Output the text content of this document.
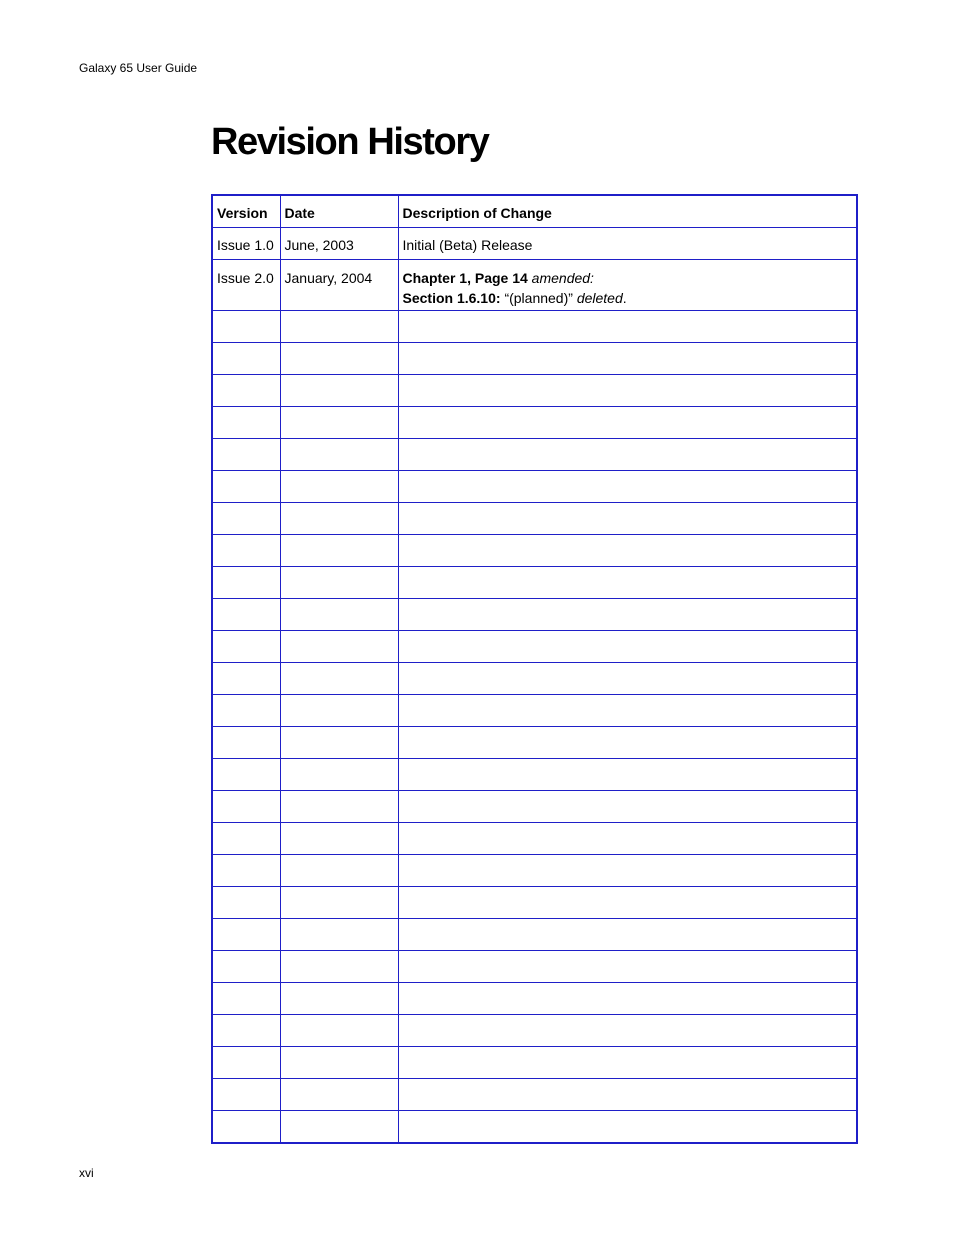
Galaxy 65 User Guide
Revision History
Version	Date	Description of Change
Issue 1.0	June, 2003	Initial (Beta) Release
Issue 2.0	January, 2004	Chapter 1, Page 14 amended:
Section 1.6.10: “(planned)” deleted.

xvi
